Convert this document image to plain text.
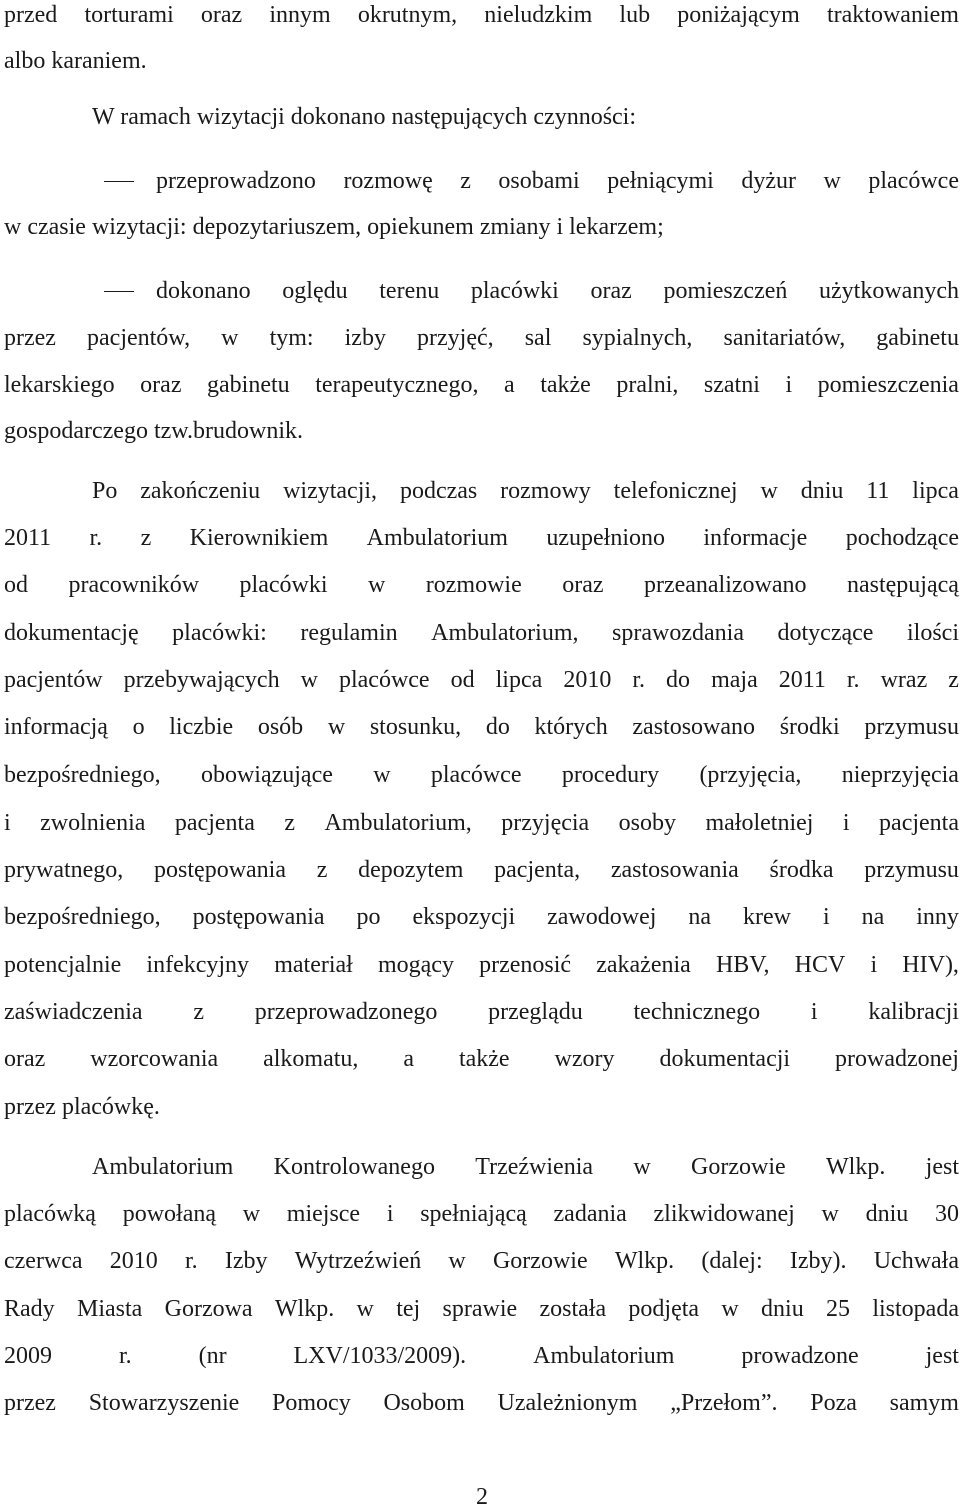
przed torturami oraz innym okrutnym, nieludzkim lub poniżającym traktowaniem
albo karaniem.
W ramach wizytacji dokonano następujących czynności:
przeprowadzono rozmowę z osobami pełniącymi dyżur w placówce
w czasie wizytacji: depozytariuszem, opiekunem zmiany i lekarzem;
dokonano oględu terenu placówki oraz pomieszczeń użytkowanych
przez pacjentów, w tym: izby przyjęć, sal sypialnych, sanitariatów, gabinetu
lekarskiego oraz gabinetu terapeutycznego, a także pralni, szatni i pomieszczenia
gospodarczego tzw.brudownik.
Po zakończeniu wizytacji, podczas rozmowy telefonicznej w dniu 11 lipca
2011 r. z Kierownikiem Ambulatorium uzupełniono informacje pochodzące
od pracowników placówki w rozmowie oraz przeanalizowano następującą
dokumentację placówki: regulamin Ambulatorium, sprawozdania dotyczące ilości
pacjentów przebywających w placówce od lipca 2010 r. do maja 2011 r. wraz z
informacją o liczbie osób w stosunku, do których zastosowano środki przymusu
bezpośredniego, obowiązujące w placówce procedury (przyjęcia, nieprzyjęcia
i zwolnienia pacjenta z Ambulatorium, przyjęcia osoby małoletniej i pacjenta
prywatnego, postępowania z depozytem pacjenta, zastosowania środka przymusu
bezpośredniego, postępowania po ekspozycji zawodowej na krew i na inny
potencjalnie infekcyjny materiał mogący przenosić zakażenia HBV, HCV i HIV),
zaświadczenia z przeprowadzonego przeglądu technicznego i kalibracji
oraz wzorcowania alkomatu, a także wzory dokumentacji prowadzonej
przez placówkę.
Ambulatorium Kontrolowanego Trzeźwienia w Gorzowie Wlkp. jest
placówką powołaną w miejsce i spełniającą zadania zlikwidowanej w dniu 30
czerwca 2010 r. Izby Wytrzeźwień w Gorzowie Wlkp. (dalej: Izby). Uchwała
Rady Miasta Gorzowa Wlkp. w tej sprawie została podjęta w dniu 25 listopada
2009	r.	(nr	LXV/1033/2009).	Ambulatorium	prowadzone	jest
przez Stowarzyszenie Pomocy Osobom Uzależnionym „Przełom”. Poza samym
2
